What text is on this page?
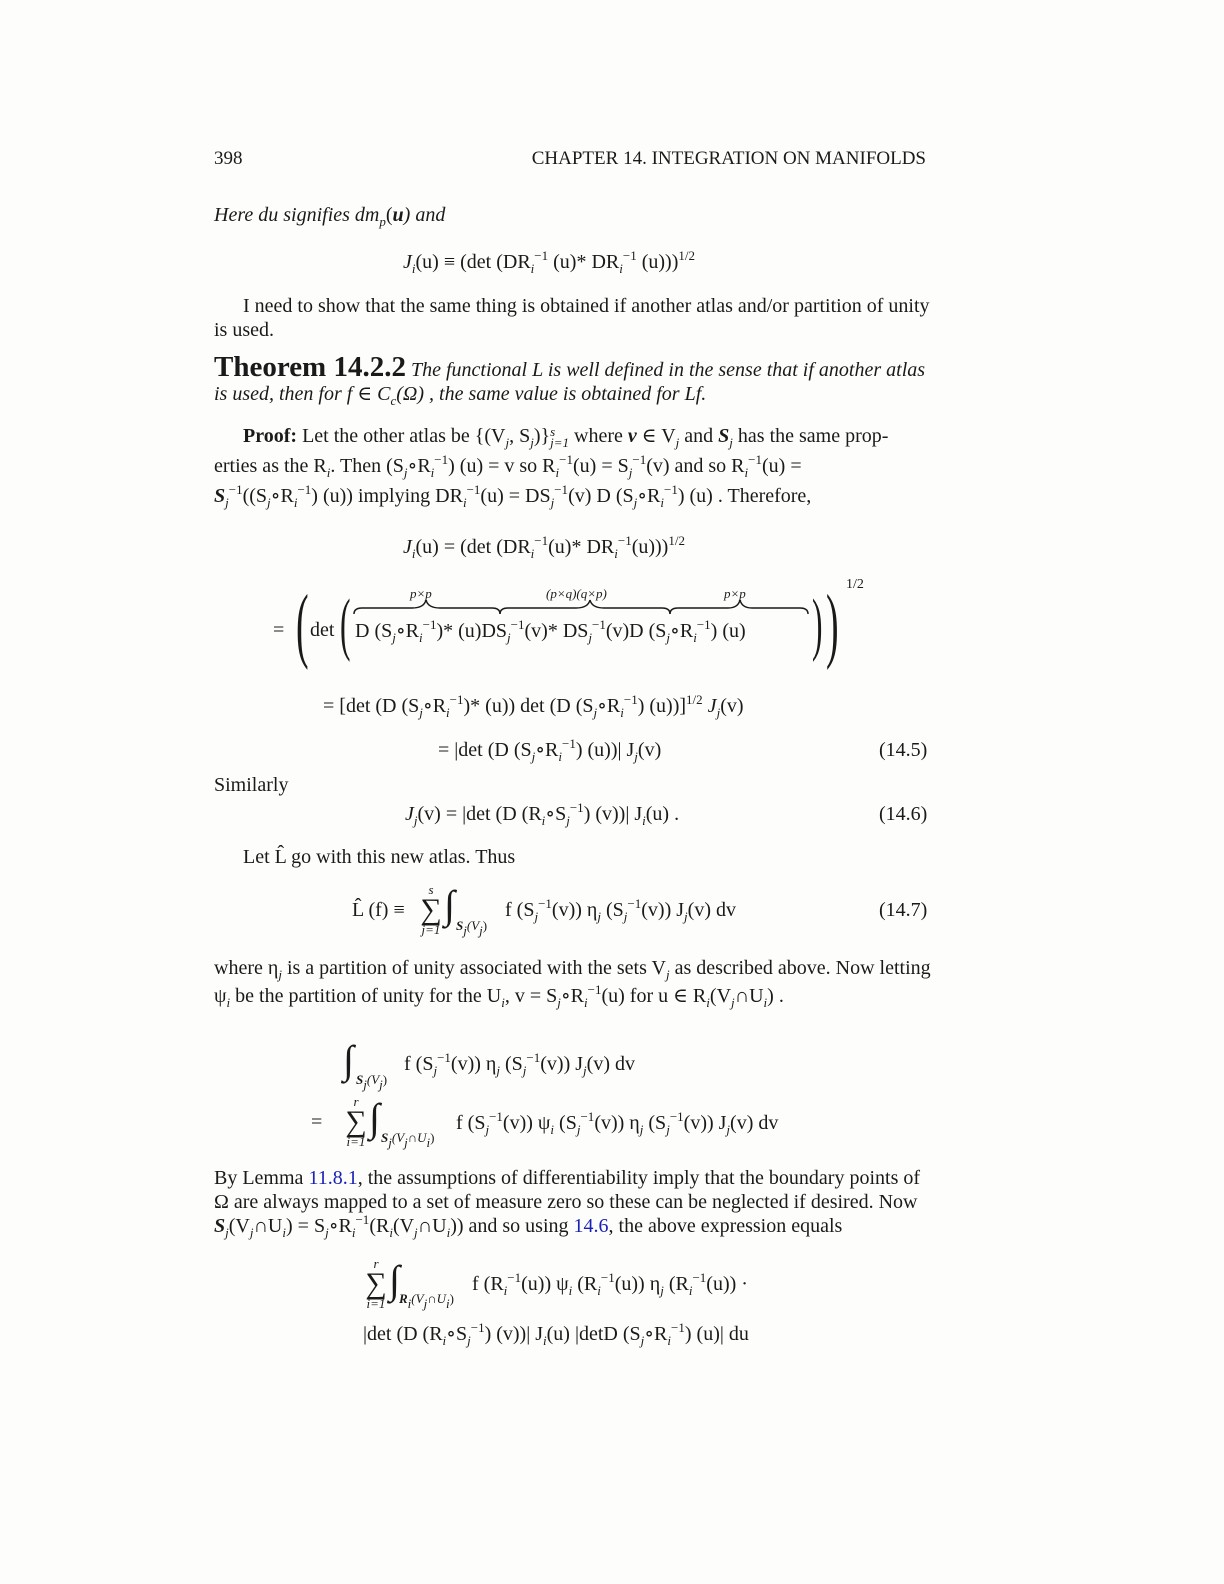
398	CHAPTER 14. INTEGRATION ON MANIFOLDS
Here du signifies $dm_p(u)$ and
$J_i(u) \equiv (\det$ ($DR_i^{-1}$ (u)* $DR_i^{-1}$ (u)))$^{1/2}$
I need to show that the same thing is obtained if another atlas and/or partition of unity
is used.
Theorem 14.2.2 The functional L is well defined in the sense that if another atlas
is used, then for f ∈ $C_c(\Omega)$ , the same value is obtained for Lf.
Proof: Let the other atlas be {($V_j$, $S_j$)} s
j=1 where v ∈ $V_j$ and $S_j$ has the same prop-
erties as the $R_i$. Then $(S_j\circ R_i^{-1}) (u) = v$ so $R_i^{-1}(u) = S_j^{-1}(v)$ and so $R_i^{-1}(u)$ =
$S_j^{-1}((S_j\circ R_i^{-1})$ (u)) implying $DR_i^{-1}(u) = DS_j^{-1}(v)$ D $(S_j\circ R_i^{-1})$ (u) . Therefore,
$J_i(u) = (\det$ ($DR_i^{-1}(u)*$ $DR_i^{-1}(u)))^{1/2}$
= ( det (	p×p	(p×q)(q×p)	p×p
D $(S_j\circ R_i^{-1})*$ $(u)DS_j^{-1}(v)*$ $DS_j^{-1}(v)D$ $(S_j\circ R_i^{-1})$ (u) ) ) 1/2
= [det (D $(S_j\circ R_i^{-1})*$ (u)) det (D $(S_j\circ R_i^{-1})$ (u))]$^{1/2}$ $J_j(v)$
= |det (D $(S_j\circ R_i^{-1})$ (u))| $J_j(v)$	(14.5)
Similarly
$J_j(v) = |\det$ (D $(R_i\circ S_j^{-1})$ (v))| $J_i(u)$ .	(14.6)
Let L̂ go with this new atlas. Thus
L̂ (f) ≡
s
∑
j=1
∫ $S_j(V_j)$
f $(S_j^{-1}(v))$ $\eta_j$ $(S_j^{-1}(v))$ $J_j(v)$ dv	(14.7)
where $\eta_j$ is a partition of unity associated with the sets $V_j$ as described above. Now letting
$\psi_i$ be the partition of unity for the $U_i$, $v = S_j\circ R_i^{-1}(u)$ for u ∈ $R_i(V_j\cap U_i)$ .
∫ $S_j(V_j)$
f $(S_j^{-1}(v))$ $\eta_j$ $(S_j^{-1}(v))$ $J_j(v)$ dv
=
r
∑
i=1
∫ $S_j(V_j\cap U_i)$
f $(S_j^{-1}(v))$ $\psi_i$ $(S_j^{-1}(v))$ $\eta_j$ $(S_j^{-1}(v))$ $J_j(v)$ dv
By Lemma 11.8.1, the assumptions of differentiability imply that the boundary points of
Ω are always mapped to a set of measure zero so these can be neglected if desired. Now
$S_j(V_j\cap U_i)$ = $S_j\circ R_i^{-1}(R_i(V_j\cap U_i))$ and so using 14.6, the above expression equals
r
∑
i=1
∫ $R_i(V_j\cap U_i)$
f $(R_i^{-1}(u))$ $\psi_i$ $(R_i^{-1}(u))$ $\eta_j$ $(R_i^{-1}(u))$ ·
|det (D $(R_i\circ S_j^{-1})$ (v))| $J_i(u)$ |detD $(S_j\circ R_i^{-1})$ (u)| du
